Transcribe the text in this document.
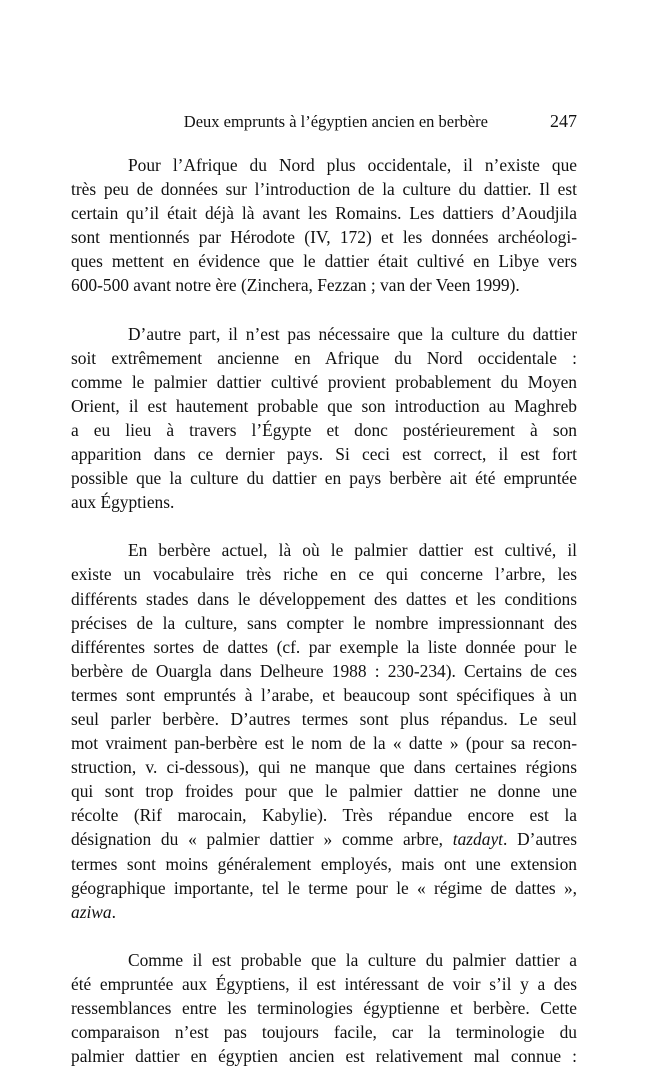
Deux emprunts à l’égyptien ancien en berbère	247

Pour l’Afrique du Nord plus occidentale, il n’existe que
très peu de données sur l’introduction de la culture du dattier. Il est
certain qu’il était déjà là avant les Romains. Les dattiers d’Aoudjila
sont mentionnés par Hérodote (IV, 172) et les données archéologi-
ques mettent en évidence que le dattier était cultivé en Libye vers
600-500 avant notre ère (Zinchera, Fezzan ; van der Veen 1999).

D’autre part, il n’est pas nécessaire que la culture du dattier
soit extrêmement ancienne en Afrique du Nord occidentale :
comme le palmier dattier cultivé provient probablement du Moyen
Orient, il est hautement probable que son introduction au Maghreb
a eu lieu à travers l’Égypte et donc postérieurement à son
apparition dans ce dernier pays. Si ceci est correct, il est fort
possible que la culture du dattier en pays berbère ait été empruntée
aux Égyptiens.

En berbère actuel, là où le palmier dattier est cultivé, il
existe un vocabulaire très riche en ce qui concerne l’arbre, les
différents stades dans le développement des dattes et les conditions
précises de la culture, sans compter le nombre impressionnant des
différentes sortes de dattes (cf. par exemple la liste donnée pour le
berbère de Ouargla dans Delheure 1988 : 230-234). Certains de ces
termes sont empruntés à l’arabe, et beaucoup sont spécifiques à un
seul parler berbère. D’autres termes sont plus répandus. Le seul
mot vraiment pan-berbère est le nom de la « datte » (pour sa recon-
struction, v. ci-dessous), qui ne manque que dans certaines régions
qui sont trop froides pour que le palmier dattier ne donne une
récolte (Rif marocain, Kabylie). Très répandue encore est la
désignation du « palmier dattier » comme arbre, tazdayt. D’autres
termes sont moins généralement employés, mais ont une extension
géographique importante, tel le terme pour le « régime de dattes »,
aziwa.

Comme il est probable que la culture du palmier dattier a
été empruntée aux Égyptiens, il est intéressant de voir s’il y a des
ressemblances entre les terminologies égyptienne et berbère. Cette
comparaison n’est pas toujours facile, car la terminologie du
palmier dattier en égyptien ancien est relativement mal connue :
